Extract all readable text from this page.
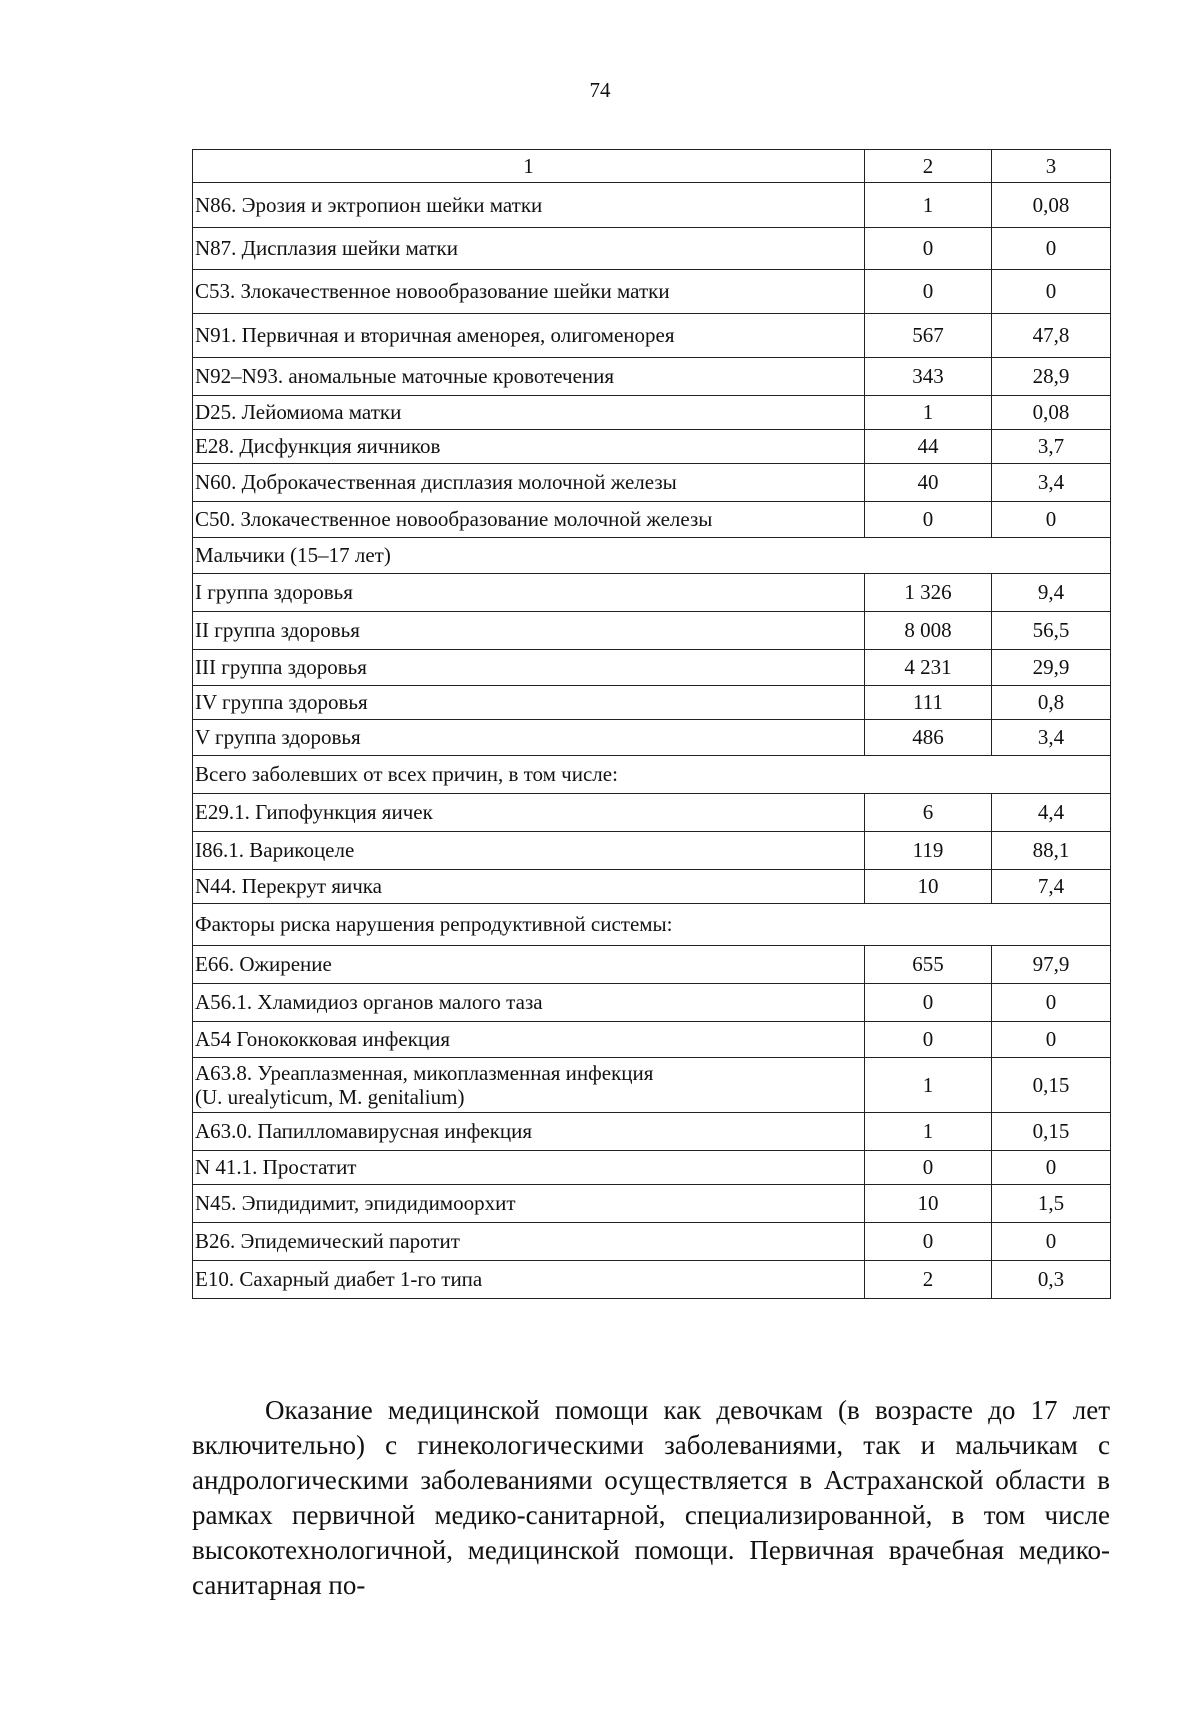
74
1	2	3
N86. Эрозия и эктропион шейки матки	1	0,08
N87. Дисплазия шейки матки	0	0
С53. Злокачественное новообразование шейки матки	0	0
N91. Первичная и вторичная аменорея, олигоменорея	567	47,8
N92–N93. аномальные маточные кровотечения	343	28,9
D25. Лейомиома матки	1	0,08
E28. Дисфункция яичников	44	3,7
N60. Доброкачественная дисплазия молочной железы	40	3,4
С50. Злокачественное новообразование молочной железы	0	0
Мальчики (15–17 лет)		
I группа здоровья	1 326	9,4
II группа здоровья	8 008	56,5
III группа здоровья	4 231	29,9
IV группа здоровья	111	0,8
V группа здоровья	486	3,4
Всего заболевших от всех причин, в том числе:		
E29.1. Гипофункция яичек	6	4,4
I86.1. Варикоцеле	119	88,1
N44. Перекрут яичка	10	7,4
Факторы риска нарушения репродуктивной системы:		
E66. Ожирение	655	97,9
A56.1. Хламидиоз органов малого таза	0	0
A54 Гонококковая инфекция	0	0

A63.8. Уреаплазменная, микоплазменная инфекция
(U. urealyticum, M. genitalium)	1	0,15
A63.0. Папилломавирусная инфекция	1	0,15
N 41.1. Простатит	0	0
N45. Эпидидимит, эпидидимоорхит	10	1,5
B26. Эпидемический паротит	0	0
E10. Сахарный диабет 1-го типа	2	0,3

Оказание медицинской помощи как девочкам (в возрасте до 17 лет включительно) с гинекологическими заболеваниями, так и мальчикам с андрологическими заболеваниями осуществляется в Астраханской области в рамках первичной медико-санитарной, специализированной, в том числе высокотехнологичной, медицинской помощи. Первичная врачебная медико-санитарная по-
